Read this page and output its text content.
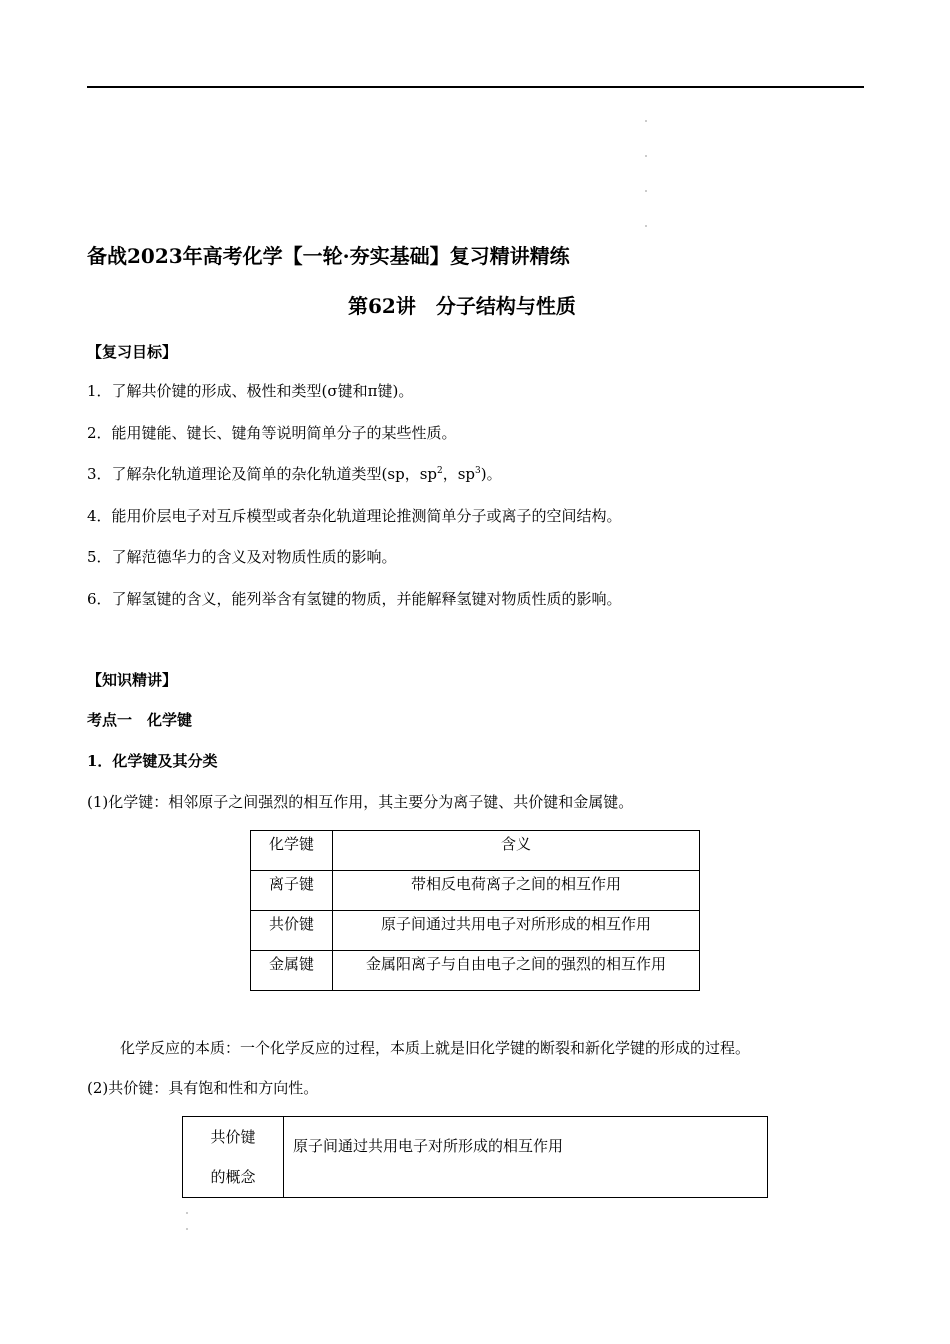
备战2023年高考化学【一轮·夯实基础】复习精讲精练
第62讲　分子结构与性质
【复习目标】
1．了解共价键的形成、极性和类型(σ键和π键)。
2．能用键能、键长、键角等说明简单分子的某些性质。
3．了解杂化轨道理论及简单的杂化轨道类型(sp，$sp^2$，$sp^3$)。
4．能用价层电子对互斥模型或者杂化轨道理论推测简单分子或离子的空间结构。
5．了解范德华力的含义及对物质性质的影响。
6．了解氢键的含义，能列举含有氢键的物质，并能解释氢键对物质性质的影响。
【知识精讲】
考点一　化学键
1．化学键及其分类
(1)化学键：相邻原子之间强烈的相互作用，其主要分为离子键、共价键和金属键。
化学键	含义
离子键	带相反电荷离子之间的相互作用
共价键	原子间通过共用电子对所形成的相互作用
金属键	金属阳离子与自由电子之间的强烈的相互作用
化学反应的本质：一个化学反应的过程，本质上就是旧化学键的断裂和新化学键的形成的过程。
(2)共价键：具有饱和性和方向性。
共价键
的概念	原子间通过共用电子对所形成的相互作用
